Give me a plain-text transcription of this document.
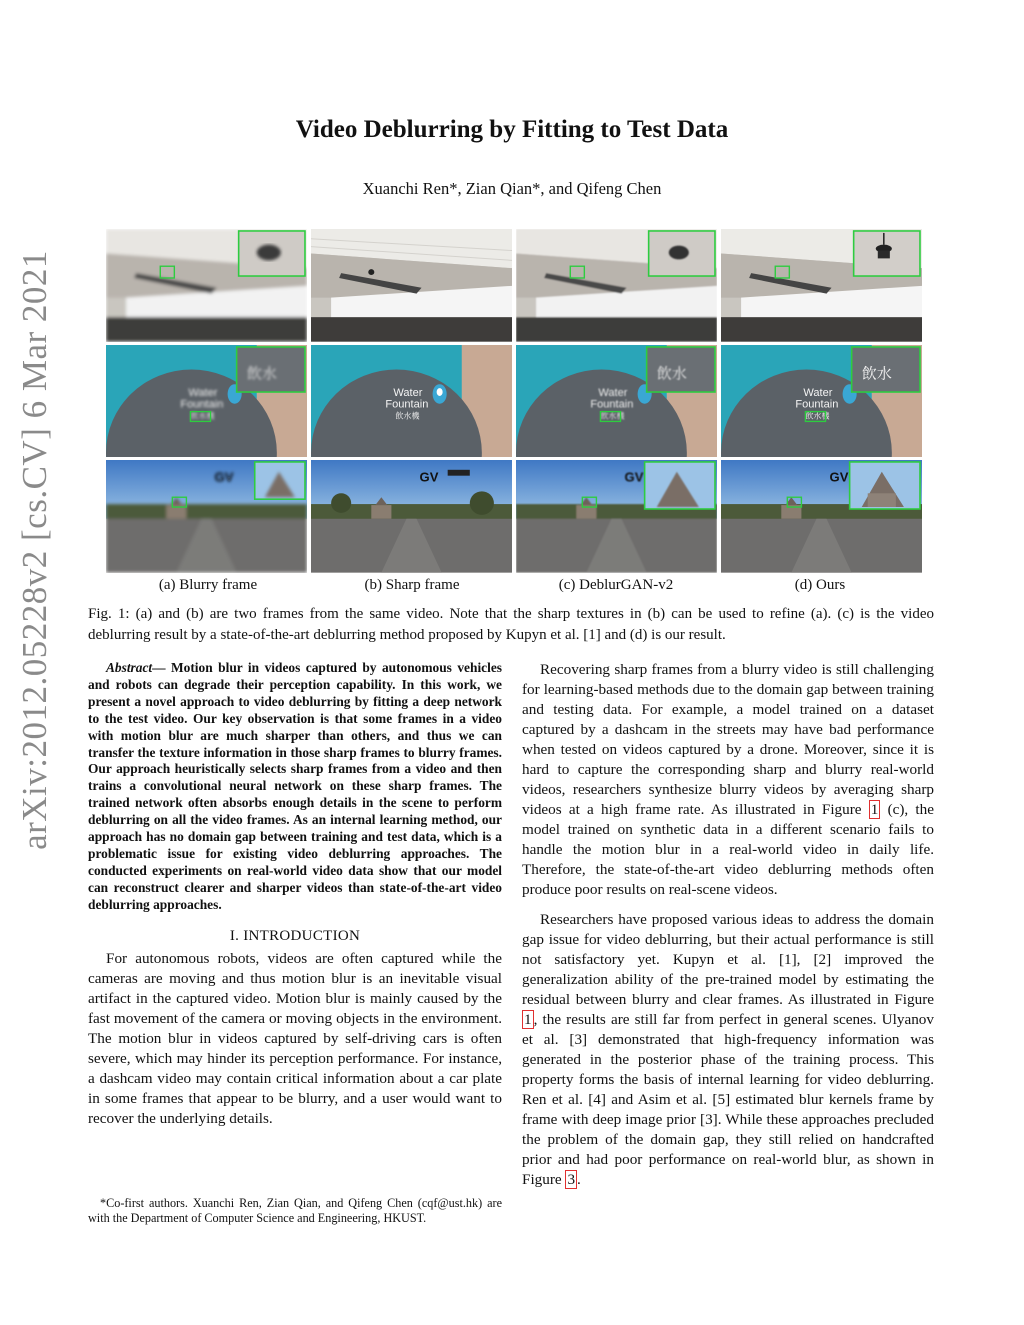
arXiv:2012.05228v2 [cs.CV] 6 Mar 2021
Video Deblurring by Fitting to Test Data

Xuanchi Ren*, Zian Qian*, and Qifeng Chen

Water
Fountain
飲水機
飲水
Water
Fountain
飲水機
Water
Fountain
飲水機
飲水
Water
Fountain
飲水機
飲水
GV	GV	GV	GV
(a) Blurry frame	(b) Sharp frame	(c) DeblurGAN-v2	(d) Ours

Fig. 1: (a) and (b) are two frames from the same video. Note that the sharp textures in (b) can be used to refine (a). (c) is the video deblurring result by a state-of-the-art deblurring method proposed by Kupyn et al. [1] and (d) is our result.

Abstract— Motion blur in videos captured by autonomous vehicles and robots can degrade their perception capability. In this work, we present a novel approach to video deblurring by fitting a deep network to the test video. Our key observation is that some frames in a video with motion blur are much sharper than others, and thus we can transfer the texture information in those sharp frames to blurry frames. Our approach heuristically selects sharp frames from a video and then trains a convolutional neural network on these sharp frames. The trained network often absorbs enough details in the scene to perform deblurring on all the video frames. As an internal learning method, our approach has no domain gap between training and test data, which is a problematic issue for existing video deblurring approaches. The conducted experiments on real-world video data show that our model can reconstruct clearer and sharper videos than state-of-the-art video deblurring approaches.

I. INTRODUCTION

For autonomous robots, videos are often captured while the cameras are moving and thus motion blur is an inevitable visual artifact in the captured video. Motion blur is mainly caused by the fast movement of the camera or moving objects in the environment. The motion blur in videos captured by self-driving cars is often severe, which may hinder its perception performance. For instance, a dashcam video may contain critical information about a car plate in some frames that appear to be blurry, and a user would want to recover the underlying details.

*Co-first authors. Xuanchi Ren, Zian Qian, and Qifeng Chen (cqf@ust.hk) are with the Department of Computer Science and Engineering, HKUST.

Recovering sharp frames from a blurry video is still challenging for learning-based methods due to the domain gap between training and testing data. For example, a model trained on a dataset captured by a dashcam in the streets may have bad performance when tested on videos captured by a drone. Moreover, since it is hard to capture the corresponding sharp and blurry real-world videos, researchers synthesize blurry videos by averaging sharp videos at a high frame rate. As illustrated in Figure 1 (c), the model trained on synthetic data in a different scenario fails to handle the motion blur in a real-world video in daily life. Therefore, the state-of-the-art video deblurring methods often produce poor results on real-scene videos.

Researchers have proposed various ideas to address the domain gap issue for video deblurring, but their actual performance is still not satisfactory yet. Kupyn et al. [1], [2] improved the generalization ability of the pre-trained model by estimating the residual between blurry and clear frames. As illustrated in Figure 1 , the results are still far from perfect in general scenes. Ulyanov et al. [3] demonstrated that high-frequency information was generated in the posterior phase of the training process. This property forms the basis of internal learning for video deblurring. Ren et al. [4] and Asim et al. [5] estimated blur kernels frame by frame with deep image prior [3]. While these approaches precluded the problem of the domain gap, they still relied on handcrafted prior and had poor performance on real-world blur, as shown in Figure 3 .
